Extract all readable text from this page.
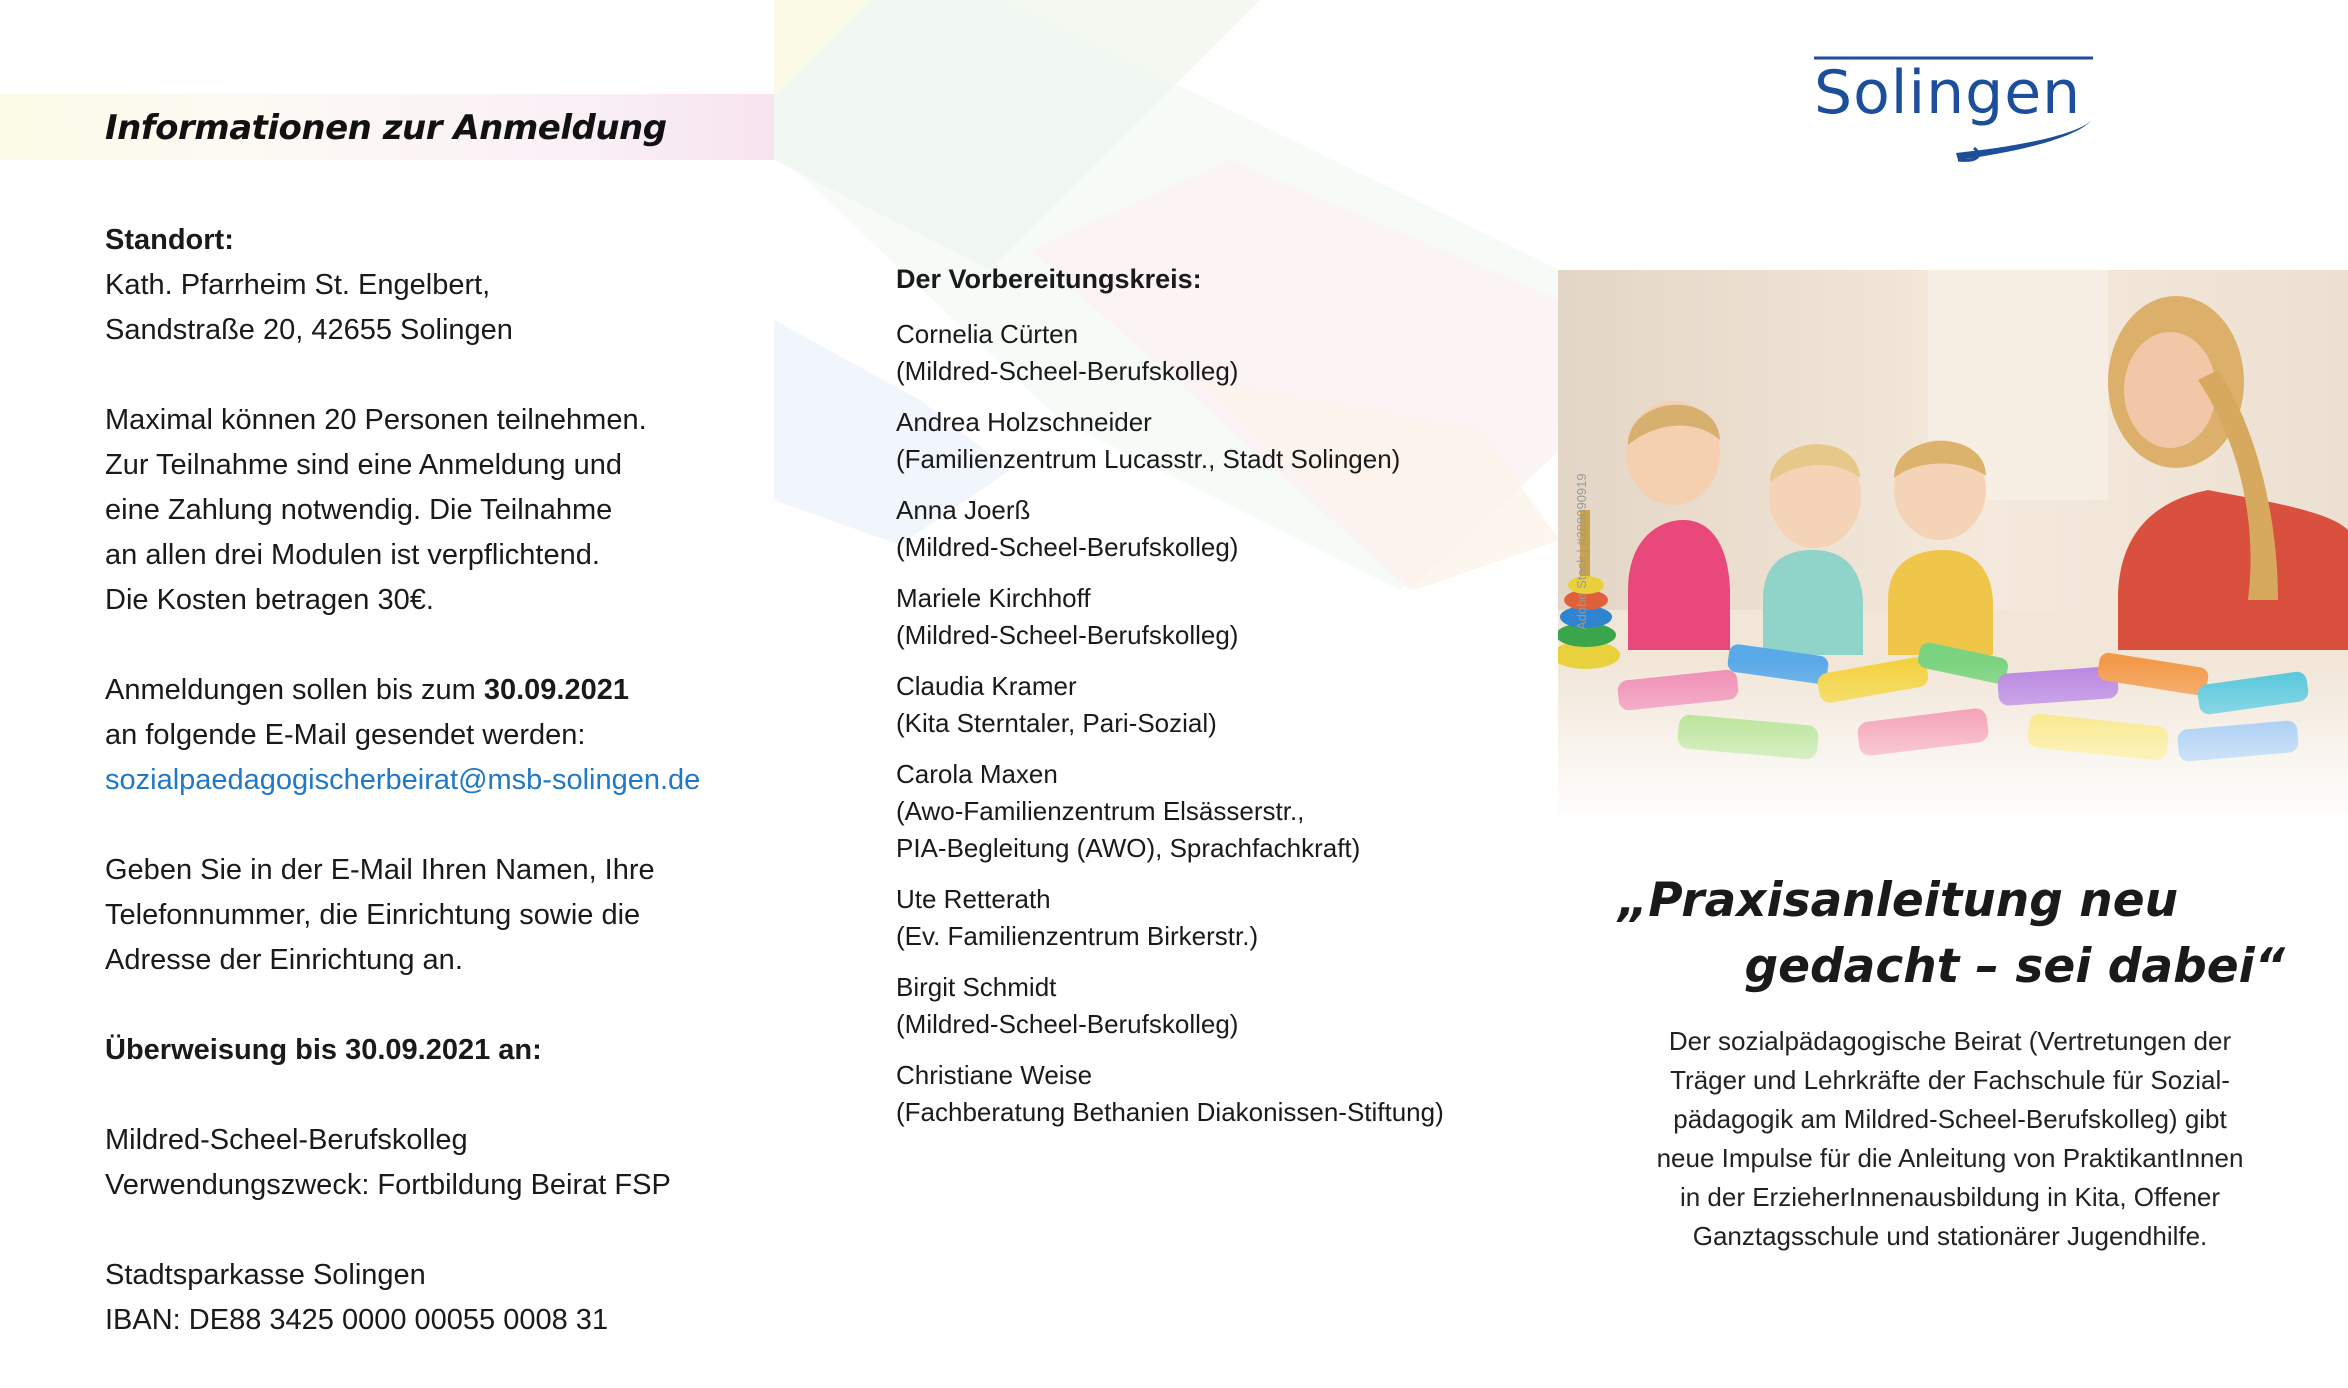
Informationen zur Anmeldung
Standort:
Kath. Pfarrheim St. Engelbert,
Sandstraße 20, 42655 Solingen
Maximal können 20 Personen teilnehmen.
Zur Teilnahme sind eine Anmeldung und
eine Zahlung notwendig. Die Teilnahme
an allen drei Modulen ist verpflichtend.
Die Kosten betragen 30€.
Anmeldungen sollen bis zum 30.09.2021
an folgende E-Mail gesendet werden:
sozialpaedagogischerbeirat@msb-solingen.de
Geben Sie in der E-Mail Ihren Namen, Ihre
Telefonnummer, die Einrichtung sowie die
Adresse der Einrichtung an.
Überweisung bis 30.09.2021 an:
Mildred-Scheel-Berufskolleg
Verwendungszweck: Fortbildung Beirat FSP
Stadtsparkasse Solingen
IBAN: DE88 3425 0000 00055 0008 31
Der Vorbereitungskreis:
Cornelia Cürten
(Mildred-Scheel-Berufskolleg)
Andrea Holzschneider
(Familienzentrum Lucasstr., Stadt Solingen)
Anna Joerß
(Mildred-Scheel-Berufskolleg)
Mariele Kirchhoff
(Mildred-Scheel-Berufskolleg)
Claudia Kramer
(Kita Sterntaler, Pari-Sozial)
Carola Maxen
(Awo-Familienzentrum Elsässerstr.,
PIA-Begleitung (AWO), Sprachfachkraft)
Ute Retterath
(Ev. Familienzentrum Birkerstr.)
Birgit Schmidt
(Mildred-Scheel-Berufskolleg)
Christiane Weise
(Fachberatung Bethanien Diakonissen-Stiftung)
Solingen
Adobe Stock | #289090919
„Praxisanleitung neu
gedacht – sei dabei“
Der sozialpädagogische Beirat (Vertretungen der
Träger und Lehrkräfte der Fachschule für Sozial-
pädagogik am Mildred-Scheel-Berufskolleg) gibt
neue Impulse für die Anleitung von PraktikantInnen
in der ErzieherInnenausbildung in Kita, Offener
Ganztagsschule und stationärer Jugendhilfe.
